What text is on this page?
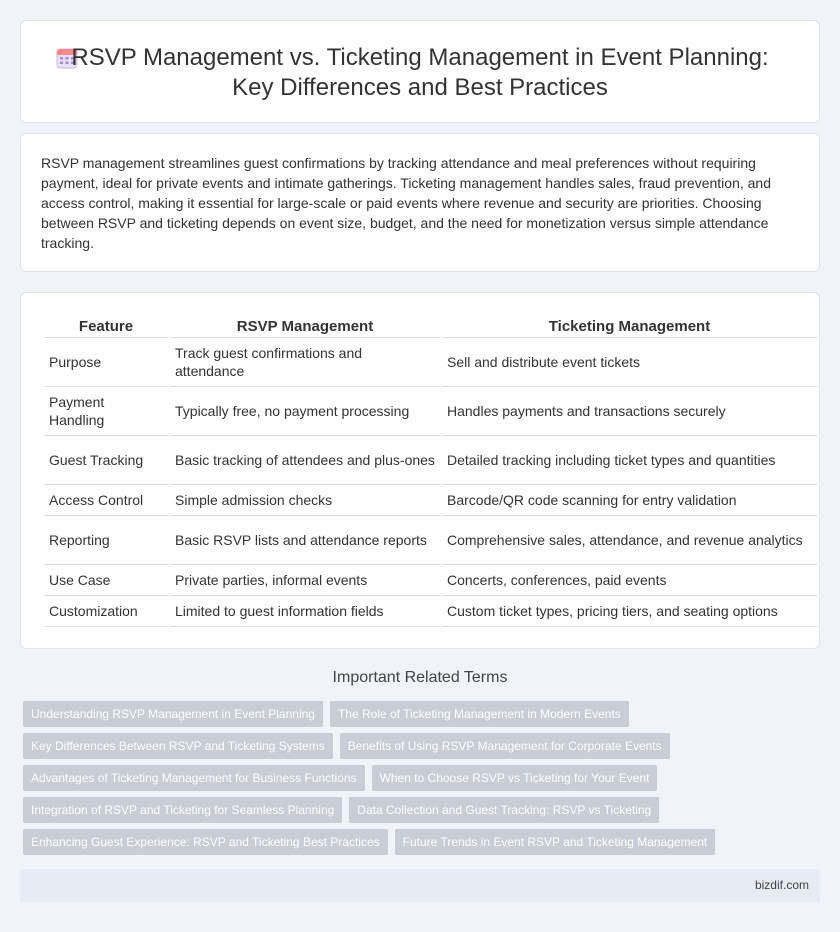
RSVP Management vs. Ticketing Management in Event Planning:
Key Differences and Best Practices

RSVP management streamlines guest confirmations by tracking attendance and meal preferences without requiring payment, ideal for private events and intimate gatherings. Ticketing management handles sales, fraud prevention, and access control, making it essential for large-scale or paid events where revenue and security are priorities. Choosing between RSVP and ticketing depends on event size, budget, and the need for monetization versus simple attendance tracking.

Feature	RSVP Management	Ticketing Management
Purpose	Track guest confirmations and attendance	Sell and distribute event tickets
Payment Handling	Typically free, no payment processing	Handles payments and transactions securely
Guest Tracking	Basic tracking of attendees and plus-ones	Detailed tracking including ticket types and quantities
Access Control	Simple admission checks	Barcode/QR code scanning for entry validation
Reporting	Basic RSVP lists and attendance reports	Comprehensive sales, attendance, and revenue analytics
Use Case	Private parties, informal events	Concerts, conferences, paid events
Customization	Limited to guest information fields	Custom ticket types, pricing tiers, and seating options
Important Related Terms
Understanding RSVP Management in Event Planning	The Role of Ticketing Management in Modern Events
Key Differences Between RSVP and Ticketing Systems	Benefits of Using RSVP Management for Corporate Events
Advantages of Ticketing Management for Business Functions	When to Choose RSVP vs Ticketing for Your Event
Integration of RSVP and Ticketing for Seamless Planning	Data Collection and Guest Tracking: RSVP vs Ticketing
Enhancing Guest Experience: RSVP and Ticketing Best Practices	Future Trends in Event RSVP and Ticketing Management
bizdif.com
